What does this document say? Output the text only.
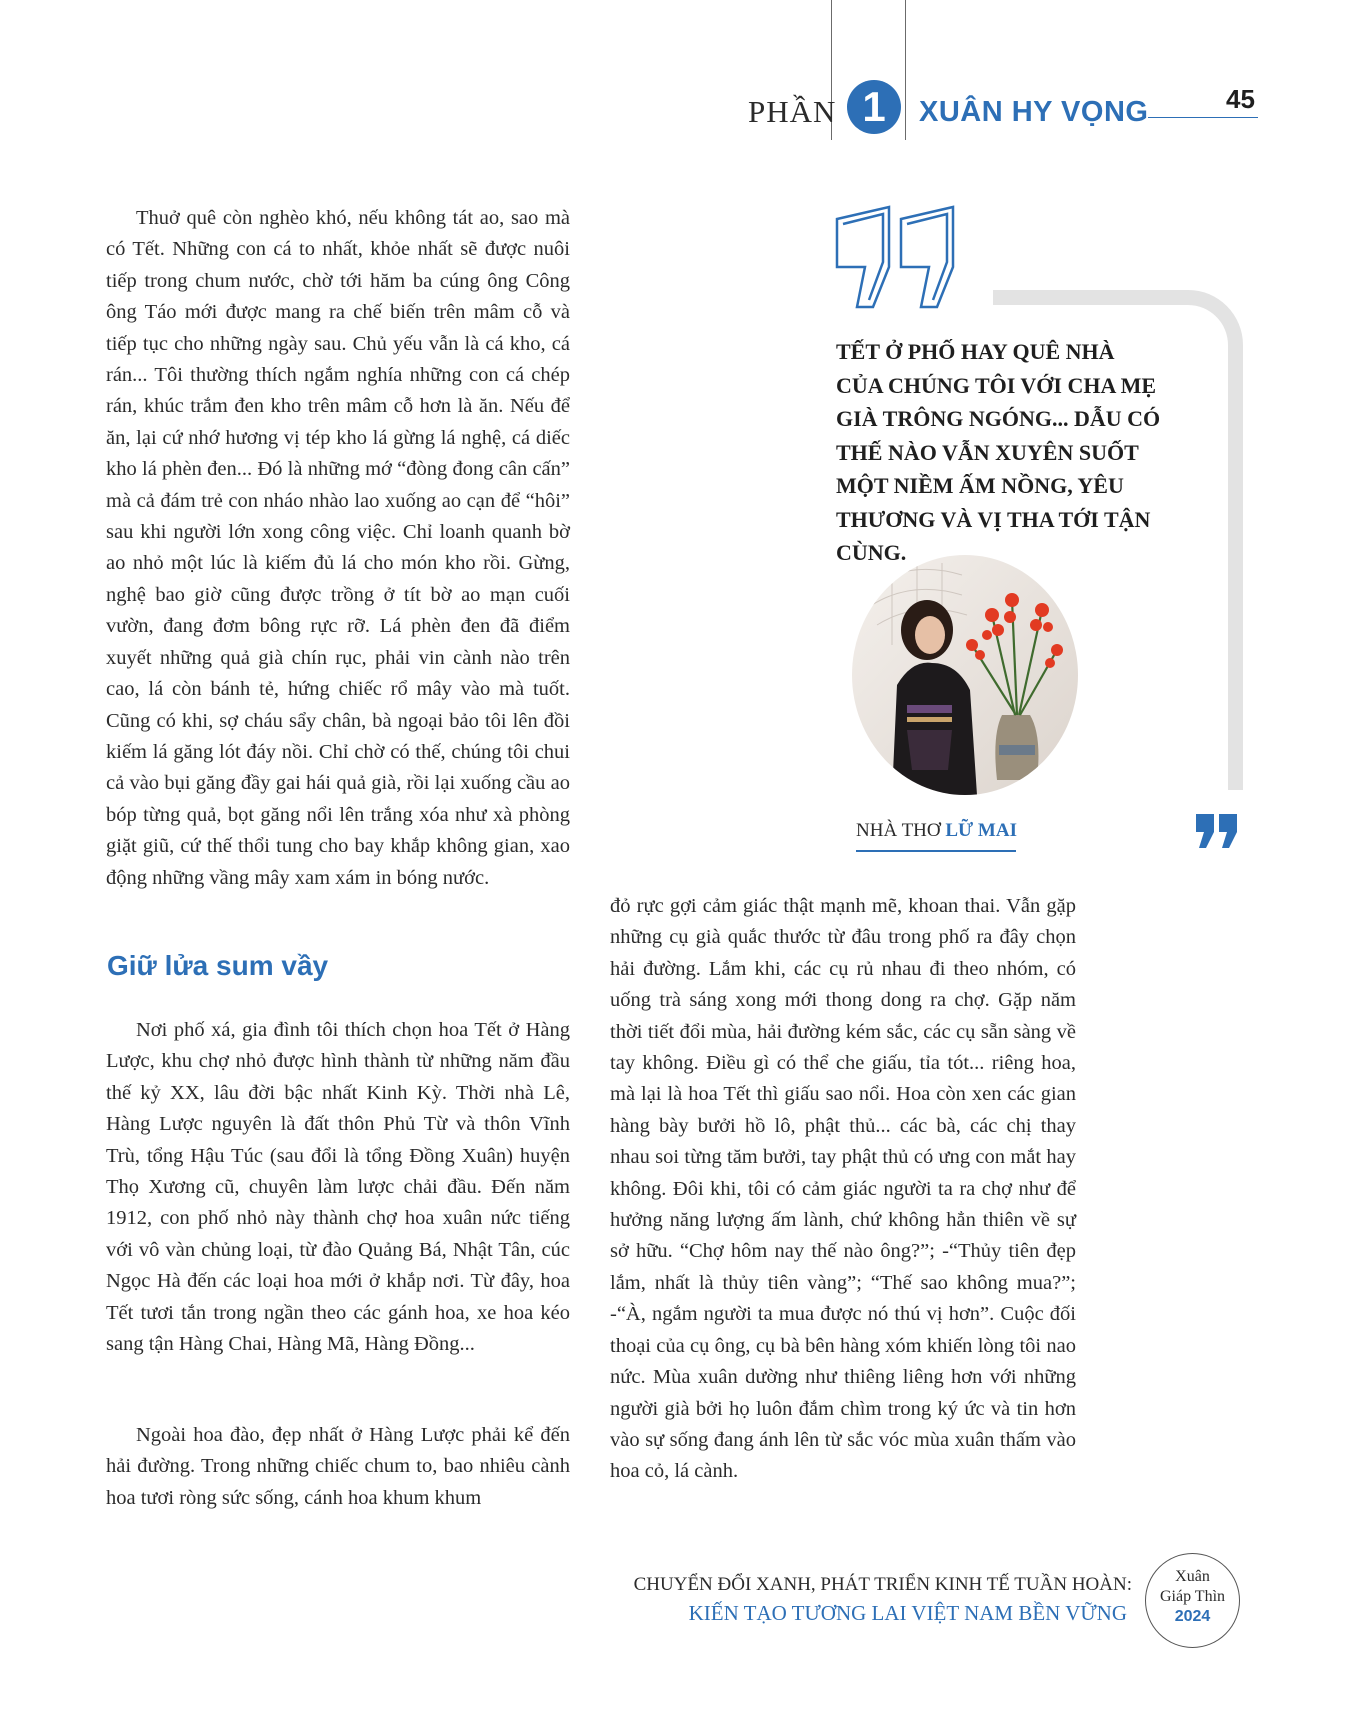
PHẦN 1	XUÂN HY VỌNG	45

Thuở quê còn nghèo khó, nếu không tát ao, sao mà có Tết. Những con cá to nhất, khỏe nhất sẽ được nuôi tiếp trong chum nước, chờ tới hăm ba cúng ông Công ông Táo mới được mang ra chế biến trên mâm cỗ và tiếp tục cho những ngày sau. Chủ yếu vẫn là cá kho, cá rán... Tôi thường thích ngắm nghía những con cá chép rán, khúc trắm đen kho trên mâm cỗ hơn là ăn. Nếu để ăn, lại cứ nhớ hương vị tép kho lá gừng lá nghệ, cá diếc kho lá phèn đen... Đó là những mớ “đòng đong cân cấn” mà cả đám trẻ con nháo nhào lao xuống ao cạn để “hôi” sau khi người lớn xong công việc. Chỉ loanh quanh bờ ao nhỏ một lúc là kiếm đủ lá cho món kho rồi. Gừng, nghệ bao giờ cũng được trồng ở tít bờ ao mạn cuối vườn, đang đơm bông rực rỡ. Lá phèn đen đã điểm xuyết những quả già chín rục, phải vin cành nào trên cao, lá còn bánh tẻ, hứng chiếc rổ mây vào mà tuốt. Cũng có khi, sợ cháu sẩy chân, bà ngoại bảo tôi lên đồi kiếm lá găng lót đáy nồi. Chỉ chờ có thế, chúng tôi chui cả vào bụi găng đầy gai hái quả già, rồi lại xuống cầu ao bóp từng quả, bọt găng nổi lên trắng xóa như xà phòng giặt giũ, cứ thế thổi tung cho bay khắp không gian, xao động những vầng mây xam xám in bóng nước.

Giữ lửa sum vầy

Nơi phố xá, gia đình tôi thích chọn hoa Tết ở Hàng Lược, khu chợ nhỏ được hình thành từ những năm đầu thế kỷ XX, lâu đời bậc nhất Kinh Kỳ. Thời nhà Lê, Hàng Lược nguyên là đất thôn Phủ Từ và thôn Vĩnh Trù, tổng Hậu Túc (sau đổi là tổng Đồng Xuân) huyện Thọ Xương cũ, chuyên làm lược chải đầu. Đến năm 1912, con phố nhỏ này thành chợ hoa xuân nức tiếng với vô vàn chủng loại, từ đào Quảng Bá, Nhật Tân, cúc Ngọc Hà đến các loại hoa mới ở khắp nơi. Từ đây, hoa Tết tươi tắn trong ngần theo các gánh hoa, xe hoa kéo sang tận Hàng Chai, Hàng Mã, Hàng Đồng...

Ngoài hoa đào, đẹp nhất ở Hàng Lược phải kể đến hải đường. Trong những chiếc chum to, bao nhiêu cành hoa tươi ròng sức sống, cánh hoa khum khum

TẾT Ở PHỐ HAY QUÊ NHÀ CỦA CHÚNG TÔI VỚI CHA MẸ GIÀ TRÔNG NGÓNG... DẪU CÓ THẾ NÀO VẪN XUYÊN SUỐT MỘT NIỀM ẤM NỒNG, YÊU THƯƠNG VÀ VỊ THA TỚI TẬN CÙNG.

NHÀ THƠ LỮ MAI

đỏ rực gợi cảm giác thật mạnh mẽ, khoan thai. Vẫn gặp những cụ già quắc thước từ đâu trong phố ra đây chọn hải đường. Lắm khi, các cụ rủ nhau đi theo nhóm, có uống trà sáng xong mới thong dong ra chợ. Gặp năm thời tiết đổi mùa, hải đường kém sắc, các cụ sẵn sàng về tay không. Điều gì có thể che giấu, tỉa tót... riêng hoa, mà lại là hoa Tết thì giấu sao nổi. Hoa còn xen các gian hàng bày bưởi hồ lô, phật thủ... các bà, các chị thay nhau soi từng tăm bưởi, tay phật thủ có ưng con mắt hay không. Đôi khi, tôi có cảm giác người ta ra chợ như để hưởng năng lượng ấm lành, chứ không hẳn thiên về sự sở hữu. “Chợ hôm nay thế nào ông?”; -“Thủy tiên đẹp lắm, nhất là thủy tiên vàng”; “Thế sao không mua?”; -“À, ngắm người ta mua được nó thú vị hơn”. Cuộc đối thoại của cụ ông, cụ bà bên hàng xóm khiến lòng tôi nao nức. Mùa xuân dường như thiêng liêng hơn với những người già bởi họ luôn đắm chìm trong ký ức và tin hơn vào sự sống đang ánh lên từ sắc vóc mùa xuân thấm vào hoa cỏ, lá cành.

CHUYỂN ĐỔI XANH, PHÁT TRIỂN KINH TẾ TUẦN HOÀN:
KIẾN TẠO TƯƠNG LAI VIỆT NAM BỀN VỮNG
Xuân
Giáp Thìn
2024
